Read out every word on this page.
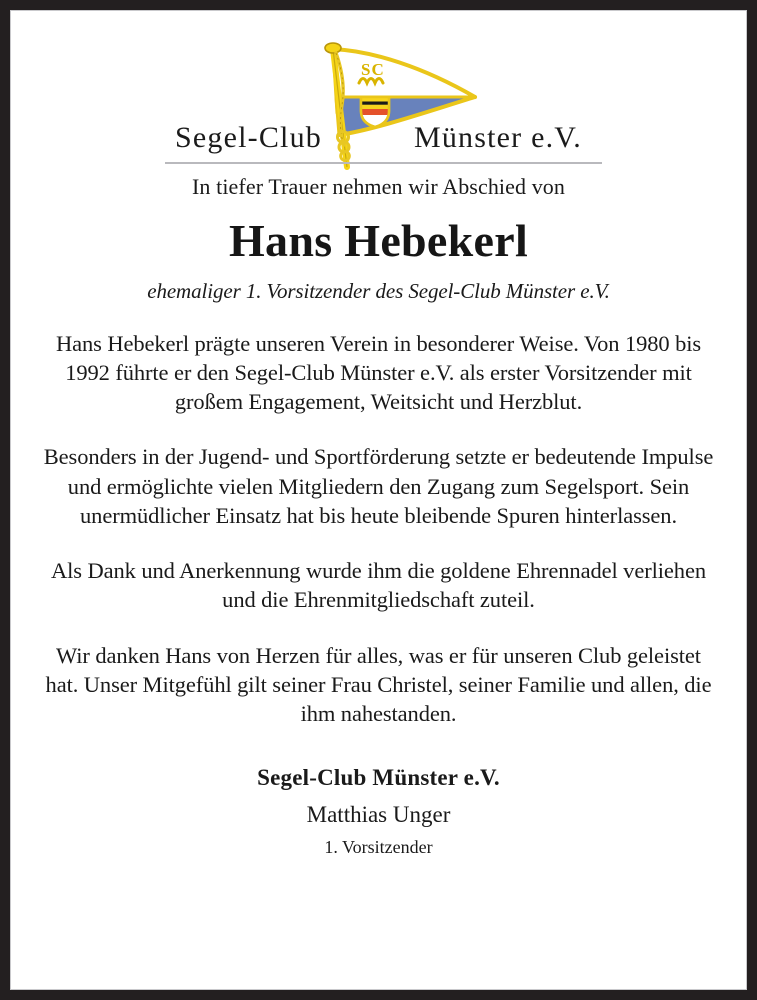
SC
Segel-Club	Münster e.V.
In tiefer Trauer nehmen wir Abschied von
Hans Hebekerl
ehemaliger 1. Vorsitzender des Segel-Club Münster e.V.

Hans Hebekerl prägte unseren Verein in besonderer Weise. Von 1980 bis 1992 führte er den Segel-Club Münster e.V. als erster Vorsitzender mit großem Engagement, Weitsicht und Herzblut.

Besonders in der Jugend- und Sportförderung setzte er bedeutende Impulse und ermöglichte vielen Mitgliedern den Zugang zum Segelsport. Sein unermüdlicher Einsatz hat bis heute bleibende Spuren hinterlassen.

Als Dank und Anerkennung wurde ihm die goldene Ehrennadel verliehen und die Ehrenmitgliedschaft zuteil.

Wir danken Hans von Herzen für alles, was er für unseren Club geleistet hat. Unser Mitgefühl gilt seiner Frau Christel, seiner Familie und allen, die ihm nahestanden.

Segel-Club Münster e.V.
Matthias Unger
1. Vorsitzender
